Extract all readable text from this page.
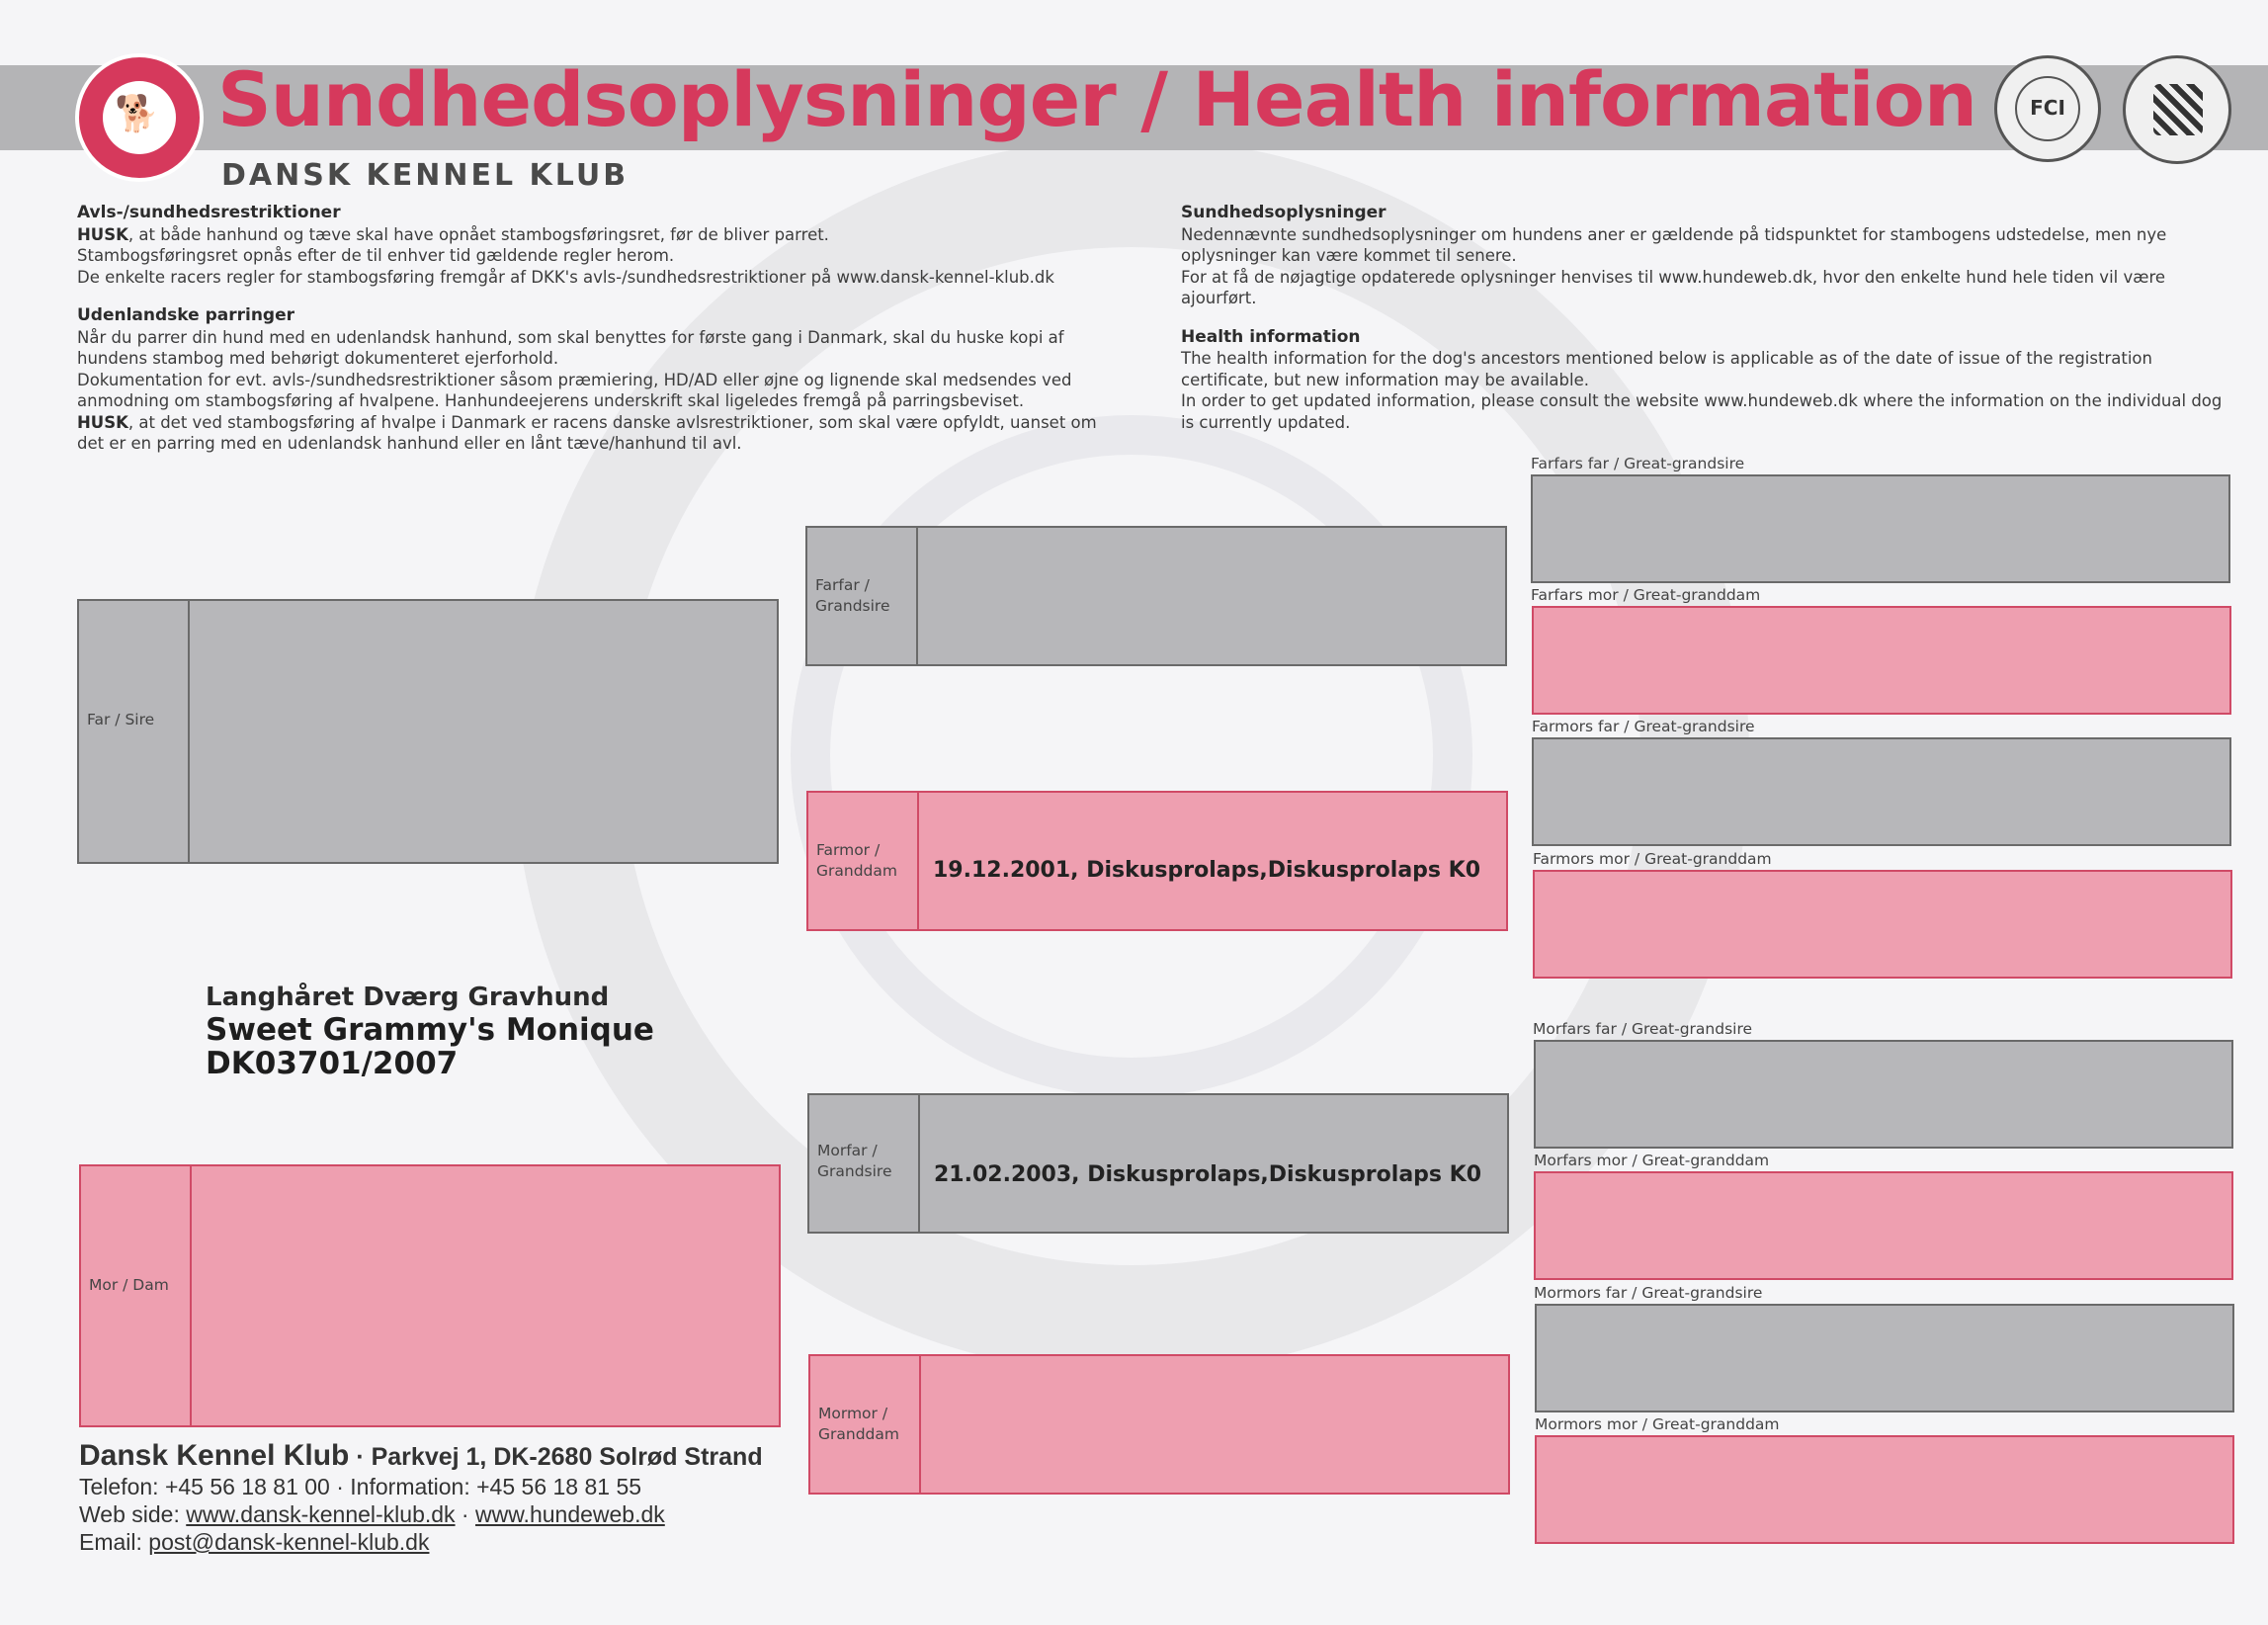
🐕 Sundhedsoplysninger / Health information
DANSK KENNEL KLUB
FCI
Avls-/sundhedsrestriktioner

HUSK, at både hanhund og tæve skal have opnået stambogsføringsret, før de bliver parret.

Stambogsføringsret opnås efter de til enhver tid gældende regler herom.

De enkelte racers regler for stambogsføring fremgår af DKK's avls-/sundhedsrestriktioner på www.dansk-kennel-klub.dk

Udenlandske parringer

Når du parrer din hund med en udenlandsk hanhund, som skal benyttes for første gang i Danmark, skal du huske kopi af hundens stambog med behørigt dokumenteret ejerforhold.

Dokumentation for evt. avls-/sundhedsrestriktioner såsom præmiering, HD/AD eller øjne og lignende skal medsendes ved anmodning om stambogsføring af hvalpene. Hanhundeejerens underskrift skal ligeledes fremgå på parringsbeviset.

HUSK, at det ved stambogsføring af hvalpe i Danmark er racens danske avlsrestriktioner, som skal være opfyldt, uanset om det er en parring med en udenlandsk hanhund eller en lånt tæve/hanhund til avl.

Sundhedsoplysninger

Nedennævnte sundhedsoplysninger om hundens aner er gældende på tidspunktet for stambogens udstedelse, men nye oplysninger kan være kommet til senere.

For at få de nøjagtige opdaterede oplysninger henvises til www.hundeweb.dk, hvor den enkelte hund hele tiden vil være ajourført.

Health information

The health information for the dog's ancestors mentioned below is applicable as of the date of issue of the registration certificate, but new information may be available.

In order to get updated information, please consult the website www.hundeweb.dk where the information on the individual dog is currently updated.

Far / Sire
Mor / Dam
Langhåret Dværg Gravhund
Sweet Grammy's Monique
DK03701/2007
Farfar / Grandsire
Farmor / Granddam	19.12.2001, Diskusprolaps,Diskusprolaps K0
Morfar / Grandsire	21.02.2003, Diskusprolaps,Diskusprolaps K0
Mormor / Granddam
Farfars far / Great-grandsire
Farfars mor / Great-granddam
Farmors far / Great-grandsire
Farmors mor / Great-granddam
Morfars far / Great-grandsire
Morfars mor / Great-granddam
Mormors far / Great-grandsire
Mormors mor / Great-granddam
Dansk Kennel Klub · Parkvej 1, DK-2680 Solrød Strand
Telefon: +45 56 18 81 00 · Information: +45 56 18 81 55
Web side: www.dansk-kennel-klub.dk · www.hundeweb.dk
Email: post@dansk-kennel-klub.dk
